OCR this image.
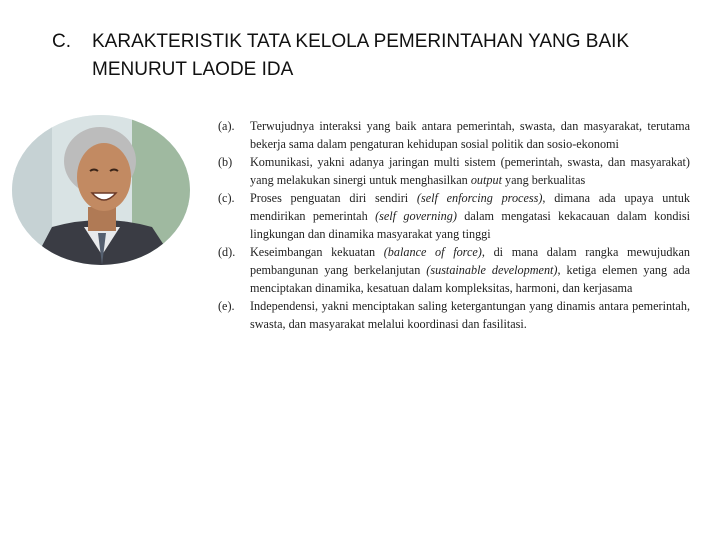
C.	KARAKTERISTIK TATA KELOLA PEMERINTAHAN YANG BAIK
MENURUT LAODE IDA
(a).	Terwujudnya interaksi yang baik antara pemerintah, swasta, dan masyarakat, terutama bekerja sama dalam pengaturan kehidupan sosial politik dan sosio-ekonomi
(b)	Komunikasi, yakni adanya jaringan multi sistem (pemerintah, swasta, dan masyarakat) yang melakukan sinergi untuk menghasilkan output yang berkualitas
(c).	Proses penguatan diri sendiri (self enforcing process), dimana ada upaya untuk mendirikan pemerintah (self governing) dalam mengatasi kekacauan dalam kondisi lingkungan dan dinamika masyarakat yang tinggi
(d).	Keseimbangan kekuatan (balance of force), di mana dalam rangka mewujudkan pembangunan yang berkelanjutan (sustainable development), ketiga elemen yang ada menciptakan dinamika, kesatuan dalam kompleksitas, harmoni, dan kerjasama
(e).	Independensi, yakni menciptakan saling ketergantungan yang dinamis antara pemerintah, swasta, dan masyarakat melalui koordinasi dan fasilitasi.
